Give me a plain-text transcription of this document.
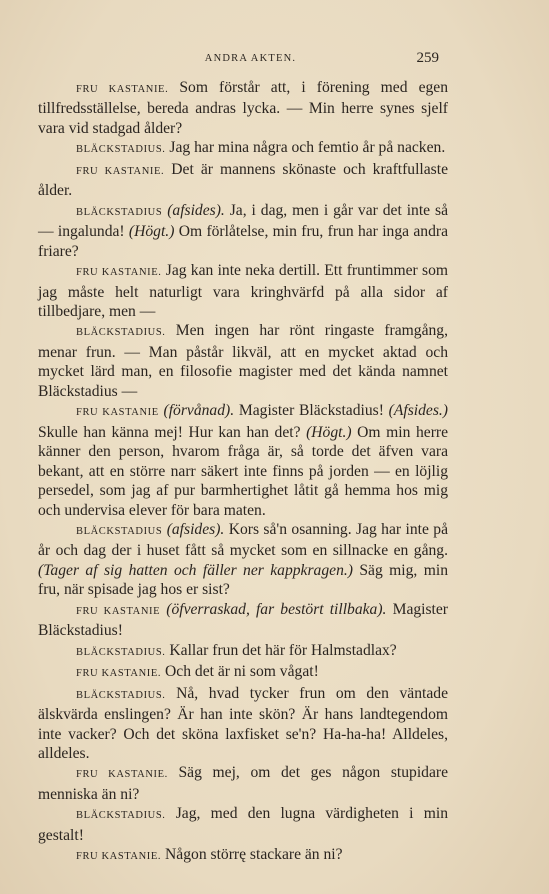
ANDRA AKTEN.	259

FRU KASTANIE. Som förstår att, i förening med egen tillfredsställelse, bereda andras lycka. — Min herre synes sjelf vara vid stadgad ålder?

BLÄCKSTADIUS. Jag har mina några och femtio år på nacken.

FRU KASTANIE. Det är mannens skönaste och kraftfullaste ålder.

BLÄCKSTADIUS (afsides). Ja, i dag, men i går var det inte så — ingalunda! (Högt.) Om förlåtelse, min fru, frun har inga andra friare?

FRU KASTANIE. Jag kan inte neka dertill. Ett fruntimmer som jag måste helt naturligt vara kringhvärfd på alla sidor af tillbedjare, men —

BLÄCKSTADIUS. Men ingen har rönt ringaste framgång, menar frun. — Man påstår likväl, att en mycket aktad och mycket lärd man, en filosofie magister med det kända namnet Bläckstadius —

FRU KASTANIE (förvånad). Magister Bläckstadius! (Afsides.) Skulle han känna mej! Hur kan han det? (Högt.) Om min herre känner den person, hvarom fråga är, så torde det äfven vara bekant, att en större narr säkert inte finns på jorden — en löjlig persedel, som jag af pur barmhertighet låtit gå hemma hos mig och undervisa elever för bara maten.

BLÄCKSTADIUS (afsides). Kors så'n osanning. Jag har inte på år och dag der i huset fått så mycket som en sillnacke en gång. (Tager af sig hatten och fäller ner kappkragen.) Säg mig, min fru, när spisade jag hos er sist?

FRU KASTANIE (öfverraskad, far bestört tillbaka). Magister Bläckstadius!

BLÄCKSTADIUS. Kallar frun det här för Halmstadlax?

FRU KASTANIE. Och det är ni som vågat!

BLÄCKSTADIUS. Nå, hvad tycker frun om den väntade älskvärda enslingen? Är han inte skön? Är hans landtegendom inte vacker? Och det sköna laxfisket se'n? Ha-ha-ha! Alldeles, alldeles.

FRU KASTANIE. Säg mej, om det ges någon stupidare menniska än ni?

BLÄCKSTADIUS. Jag, med den lugna värdigheten i min gestalt!

FRU KASTANIE. Någon störrę stackare än ni?
